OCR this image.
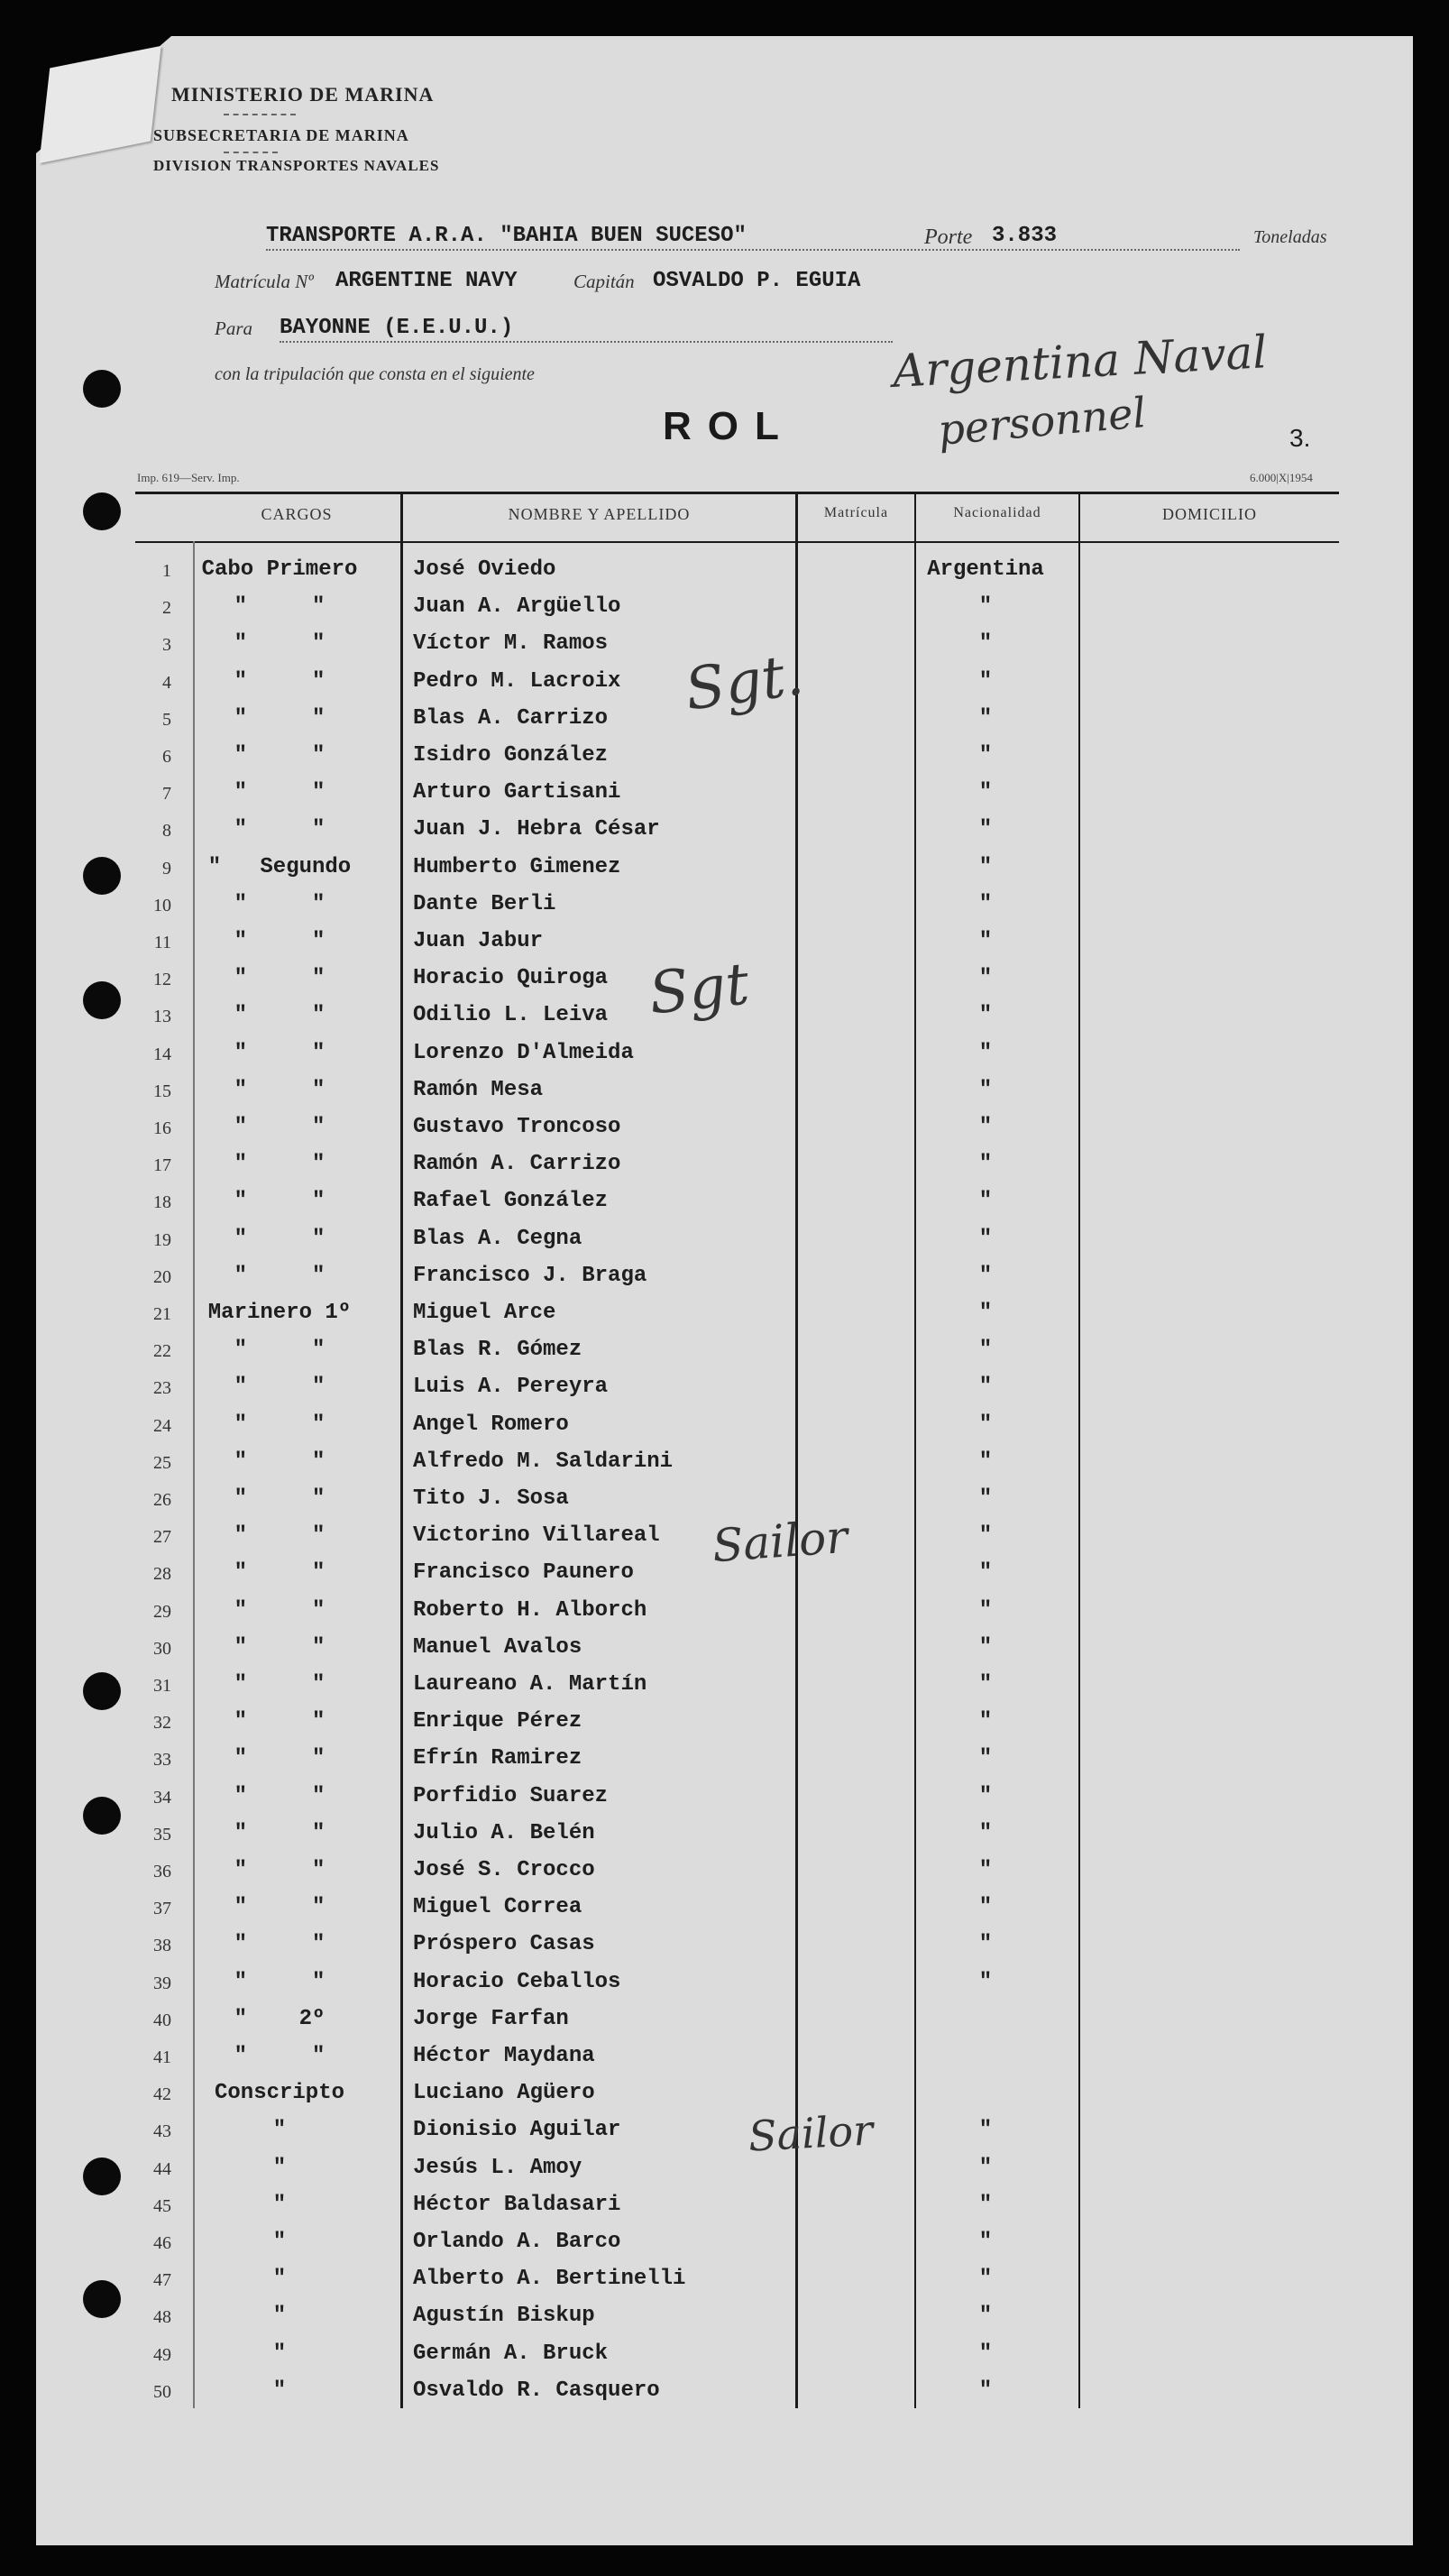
MINISTERIO DE MARINA
SUBSECRETARIA DE MARINA
DIVISION TRANSPORTES NAVALES
TRANSPORTE A.R.A. "BAHIA BUEN SUCESO"	Porte 3.833	Toneladas
Matrícula Nº ARGENTINE NAVY	Capitán OSVALDO P. EGUIA
Para BAYONNE (E.E.U.U.)
con la tripulación que consta en el siguiente	Argentina Naval
personnel	3.
ROL
Imp. 619—Serv. Imp.	6.000|X|1954
CARGOS	NOMBRE Y APELLIDO	Matrícula	Nacionalidad	DOMICILIO
1	Cabo Primero	José Oviedo	Argentina
2	"     "	Juan A. Argüello	"
3	"     "	Víctor M. Ramos	"
4	"     "	Pedro M. Lacroix	"
5	"     "	Blas A. Carrizo	"
6	"     "	Isidro González	"
7	"     "	Arturo Gartisani	"
8	"     "	Juan J. Hebra César	"
9	"   Segundo	Humberto Gimenez	"
10	"     "	Dante Berli	"
11	"     "	Juan Jabur	"
12	"     "	Horacio Quiroga	"
13	"     "	Odilio L. Leiva	"
14	"     "	Lorenzo D'Almeida	"
15	"     "	Ramón Mesa	"
16	"     "	Gustavo Troncoso	"
17	"     "	Ramón A. Carrizo	"
18	"     "	Rafael González	"
19	"     "	Blas A. Cegna	"
20	"     "	Francisco J. Braga	"
21	Marinero 1º	Miguel Arce	"
22	"     "	Blas R. Gómez	"
23	"     "	Luis A. Pereyra	"
24	"     "	Angel Romero	"
25	"     "	Alfredo M. Saldarini	"
26	"     "	Tito J. Sosa	"
27	"     "	Victorino Villareal	"
28	"     "	Francisco Paunero	"
29	"     "	Roberto H. Alborch	"
30	"     "	Manuel Avalos	"
31	"     "	Laureano A. Martín	"
32	"     "	Enrique Pérez	"
33	"     "	Efrín Ramirez	"
34	"     "	Porfidio Suarez	"
35	"     "	Julio A. Belén	"
36	"     "	José S. Crocco	"
37	"     "	Miguel Correa	"
38	"     "	Próspero Casas	"
39	"     "	Horacio Ceballos	"
40	"    2º	Jorge Farfan
41	"     "	Héctor Maydana
42	Conscripto	Luciano Agüero
43	"	Dionisio Aguilar	"
44	"	Jesús L. Amoy	"
45	"	Héctor Baldasari	"
46	"	Orlando A. Barco	"
47	"	Alberto A. Bertinelli	"
48	"	Agustín Biskup	"
49	"	Germán A. Bruck	"
50	"	Osvaldo R. Casquero	"
Sgt.
Sgt
Sailor
Sailor
